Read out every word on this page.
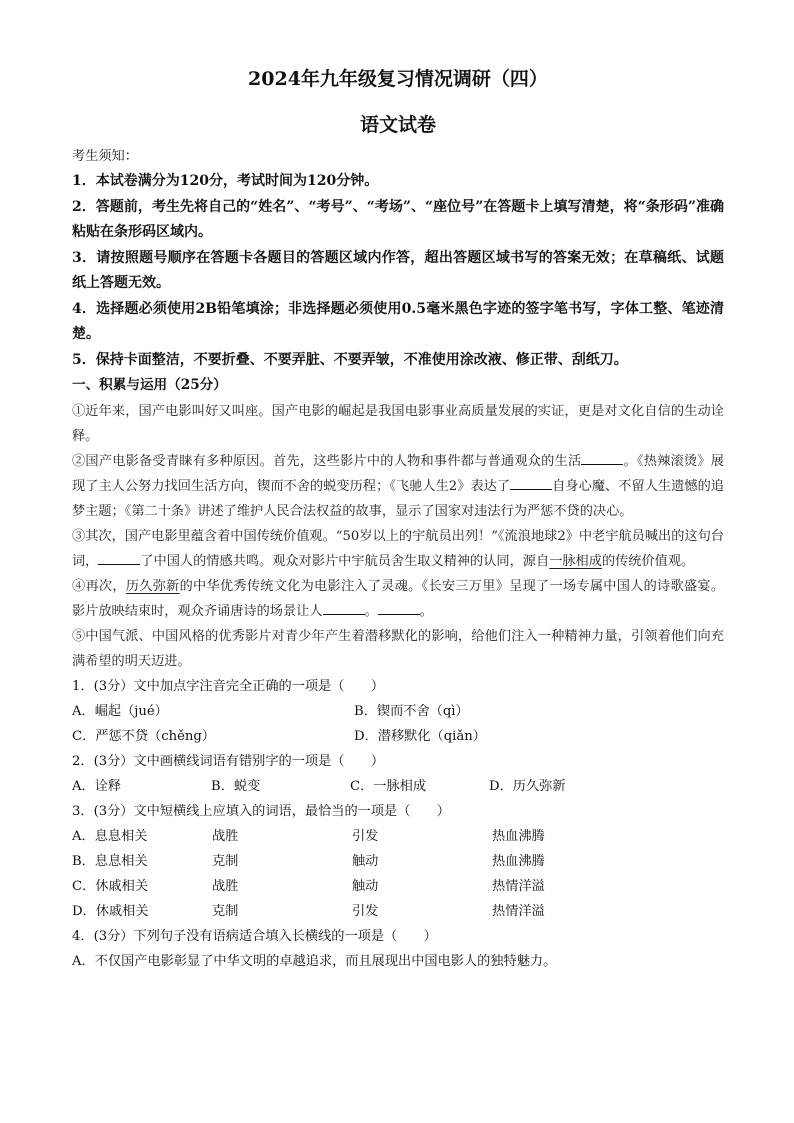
2024年九年级复习情况调研（四）
语文试卷

考生须知：

1．本试卷满分为120分，考试时间为120分钟。

2．答题前，考生先将自己的“姓名”、“考号”、“考场”、“座位号”在答题卡上填写清楚，将“条形码”准确粘贴在条形码区域内。

3．请按照题号顺序在答题卡各题目的答题区域内作答，超出答题区域书写的答案无效；在草稿纸、试题纸上答题无效。

4．选择题必须使用2B铅笔填涂；非选择题必须使用0.5毫米黑色字迹的签字笔书写，字体工整、笔迹清楚。

5．保持卡面整洁，不要折叠、不要弄脏、不要弄皱，不准使用涂改液、修正带、刮纸刀。

一、积累与运用（25分）

①近年来，国产电影叫好又叫座。国产电影的崛起是我国电影事业高质量发展的实证，更是对文化自信的生动诠释。

②国产电影备受青睐有多种原因。首先，这些影片中的人物和事件都与普通观众的生活	。《热辣滚烫》展现了主人公努力找回生活方向，锲而不舍的蜕变历程；《飞驰人生2》表达了	自身心魔、不留人生遗憾的追梦主题；《第二十条》讲述了维护人民合法权益的故事，显示了国家对违法行为严惩不贷的决心。

③其次，国产电影里蕴含着中国传统价值观。“50岁以上的宇航员出列！”《流浪地球2》中老宇航员喊出的这句台词，	了中国人的情感共鸣。观众对影片中宇航员舍生取义精神的认同，源自一脉相成的传统价值观。

④再次，历久弥新的中华优秀传统文化为电影注入了灵魂。《长安三万里》呈现了一场专属中国人的诗歌盛宴。影片放映结束时，观众齐诵唐诗的场景让人	。	。

⑤中国气派、中国风格的优秀影片对青少年产生着潜移默化的影响，给他们注入一种精神力量，引领着他们向充满希望的明天迈进。

1．(3分）文中加点字注音完全正确的一项是（　　）

A．崛起（jué）	B．锲而不舍（qì）
C．严惩不贷（chěng）	D．潜移默化（qiǎn）

2．(3分）文中画横线词语有错别字的一项是（　　）

A．诠释	B．蜕变	C．一脉相成	D．历久弥新

3．(3分）文中短横线上应填入的词语，最恰当的一项是（　　）

A．息息相关	战胜	引发	热血沸腾
B．息息相关	克制	触动	热血沸腾
C．休戚相关	战胜	触动	热情洋溢
D．休戚相关	克制	引发	热情洋溢

4．(3分）下列句子没有语病适合填入长横线的一项是（　　）

A．不仅国产电影彰显了中华文明的卓越追求，而且展现出中国电影人的独特魅力。
